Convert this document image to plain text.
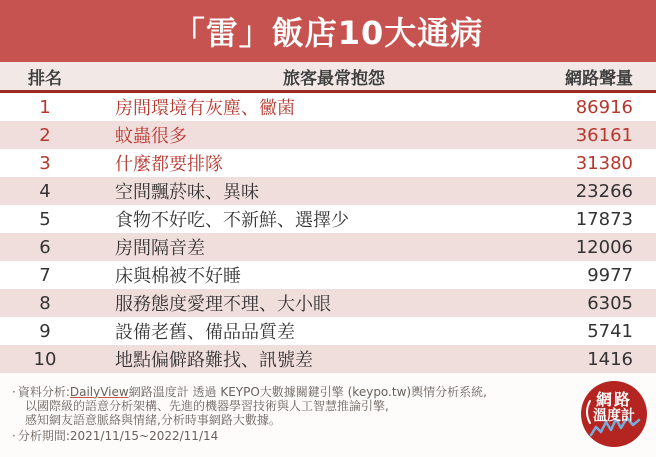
「雷」飯店10大通病
排名	旅客最常抱怨	網路聲量
1	房間環境有灰塵、黴菌	86916
2	蚊蟲很多	36161
3	什麼都要排隊	31380
4	空間飄菸味、異味	23266
5	食物不好吃、不新鮮、選擇少	17873
6	房間隔音差	12006
7	床與棉被不好睡	9977
8	服務態度愛理不理、大小眼	6305
9	設備老舊、備品品質差	5741
10	地點偏僻路難找、訊號差	1416
· 資料分析:DailyView網路溫度計 透過 KEYPO大數據關鍵引擎 (keypo.tw)輿情分析系統,
以國際級的語意分析架構、先進的機器學習技術與人工智慧推論引擎,
感知網友語意脈絡與情緒,分析時事網路大數據。
· 分析期間:2021/11/15~2022/11/14
網路
溫度計
